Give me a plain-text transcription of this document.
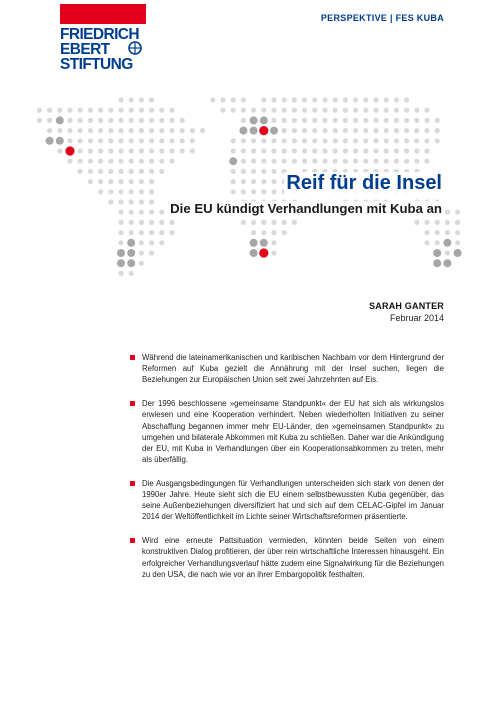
FRIEDRICH
EBERT
STIFTUNG
PERSPEKTIVE | FES KUBA
Reif für die Insel
Die EU kündigt Verhandlungen mit Kuba an
SARAH GANTER
Februar 2014
Während die lateinamerikanischen und karibischen Nachbarn vor dem Hintergrund der Reformen auf Kuba gezielt die Annährung mit der Insel suchen, liegen die Beziehungen zur Europäischen Union seit zwei Jahrzehnten auf Eis.
Der 1996 beschlossene »gemeinsame Standpunkt« der EU hat sich als wirkungslos erwiesen und eine Kooperation verhindert. Neben wiederholten Initiativen zu seiner Abschaffung begannen immer mehr EU-Länder, den »gemeinsamen Standpunkt« zu umgehen und bilaterale Abkommen mit Kuba zu schließen. Daher war die Ankündigung der EU, mit Kuba in Verhandlungen über ein Kooperationsabkommen zu treten, mehr als überfällig.
Die Ausgangsbedingungen für Verhandlungen unterscheiden sich stark von denen der 1990er Jahre. Heute sieht sich die EU einem selbstbewussten Kuba gegenüber, das seine Außenbeziehungen diversifiziert hat und sich auf dem CELAC-Gipfel im Januar 2014 der Weltöffentlichkeit im Lichte seiner Wirtschaftsreformen präsentierte.
Wird eine erneute Pattsituation vermieden, könnten beide Seiten von einem konstruktiven Dialog profitieren, der über rein wirtschaftliche Interessen hinausgeht. Ein erfolgreicher Verhandlungsverlauf hätte zudem eine Signalwirkung für die Beziehungen zu den USA, die nach wie vor an ihrer Embargopolitik festhalten.
